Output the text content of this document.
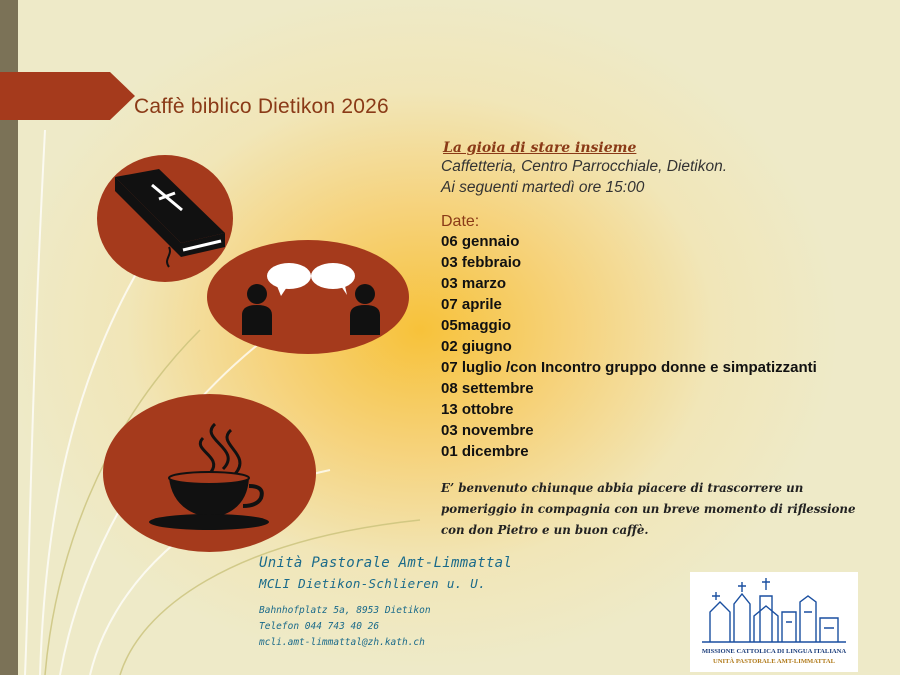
Caffè biblico Dietikon 2026
La gioia di stare insieme
Caffetteria, Centro Parrocchiale, Dietikon.
Ai seguenti martedì ore 15:00
Date:
06 gennaio
03 febbraio
03 marzo
07 aprile
05maggio
02 giugno
07 luglio /con Incontro gruppo donne e simpatizzanti
08 settembre
13 ottobre
03 novembre
01 dicembre
E’ benvenuto chiunque abbia piacere di trascorrere un pomeriggio in compagnia con un breve momento di riflessione con don Pietro e un buon caffè.
Unità Pastorale Amt-Limmattal
MCLI Dietikon-Schlieren u. U.
Bahnhofplatz 5a, 8953 Dietikon
Telefon 044 743 40 26
mcli.amt-limmattal@zh.kath.ch
MISSIONE CATTOLICA DI LINGUA ITALIANA
UNITÀ PASTORALE AMT-LIMMATTAL
